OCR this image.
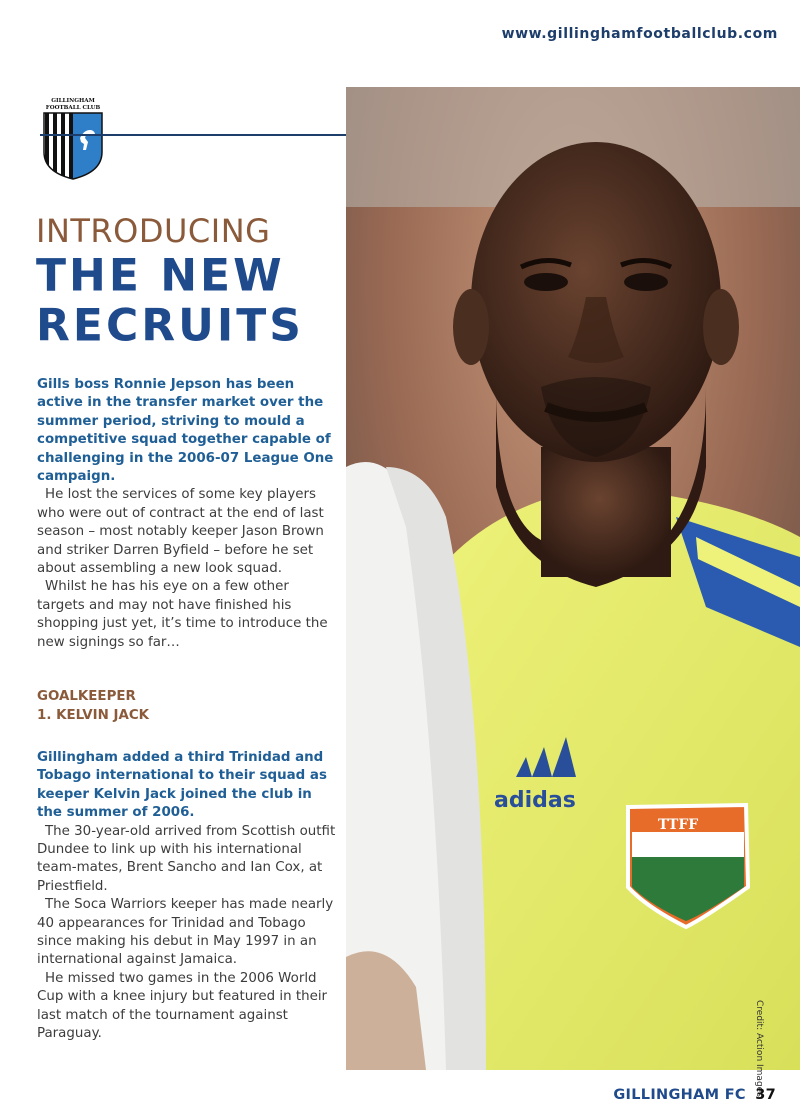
www.gillinghamfootballclub.com
GILLINGHAM
FOOTBALL CLUB
INTRODUCING
THE NEW
RECRUITS

Gills boss Ronnie Jepson has been active in the transfer market over the summer period, striving to mould a competitive squad together capable of challenging in the 2006-07 League One campaign.

He lost the services of some key players who were out of contract at the end of last season – most notably keeper Jason Brown and striker Darren Byfield – before he set about assembling a new look squad.

Whilst he has his eye on a few other targets and may not have finished his shopping just yet, it’s time to introduce the new signings so far…

GOALKEEPER

1. KELVIN JACK

Gillingham added a third Trinidad and Tobago international to their squad as keeper Kelvin Jack joined the club in the summer of 2006.

The 30-year-old arrived from Scottish outfit Dundee to link up with his international team-mates, Brent Sancho and Ian Cox, at Priestfield.

The Soca Warriors keeper has made nearly 40 appearances for Trinidad and Tobago since making his debut in May 1997 in an international against Jamaica.

He missed two games in the 2006 World Cup with a knee injury but featured in their last match of the tournament against Paraguay.

adidas
TTFF
Credit: Action Images
GILLINGHAM FC 37
